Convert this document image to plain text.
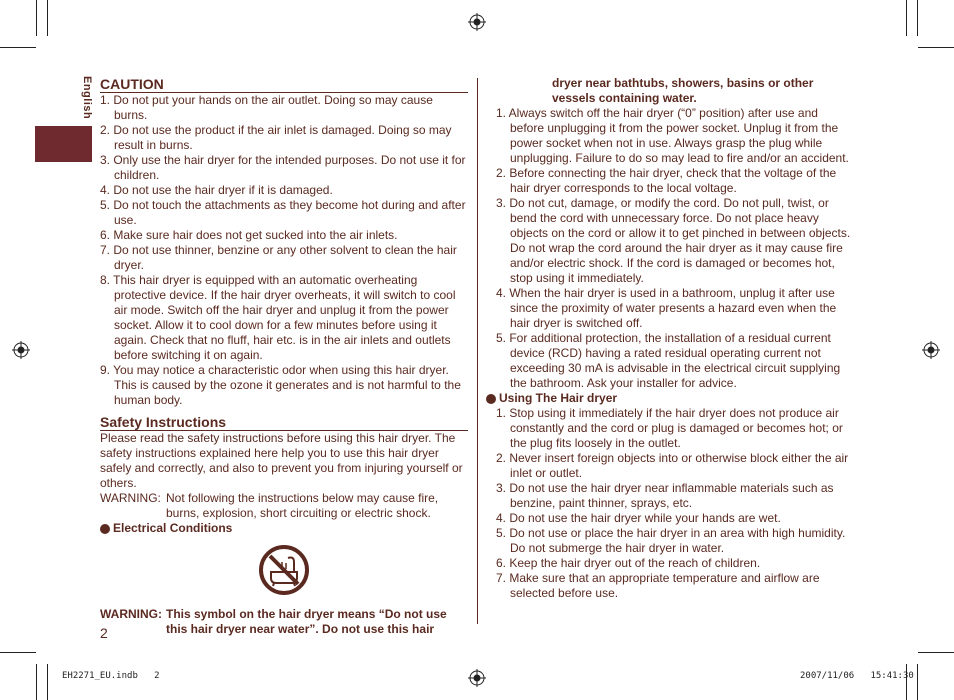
English CAUTION
1. Do not put your hands on the air outlet. Doing so may cause burns.
2. Do not use the product if the air inlet is damaged. Doing so may result in burns.
3. Only use the hair dryer for the intended purposes. Do not use it for children.
4. Do not use the hair dryer if it is damaged.
5. Do not touch the attachments as they become hot during and after use.
6. Make sure hair does not get sucked into the air inlets.
7. Do not use thinner, benzine or any other solvent to clean the hair dryer.
8. This hair dryer is equipped with an automatic overheating protective device. If the hair dryer overheats, it will switch to cool air mode. Switch off the hair dryer and unplug it from the power socket. Allow it to cool down for a few minutes before using it again. Check that no fluff, hair etc. is in the air inlets and outlets before switching it on again.
9. You may notice a characteristic odor when using this hair dryer. This is caused by the ozone it generates and is not harmful to the human body.
Safety Instructions
Please read the safety instructions before using this hair dryer. The safety instructions explained here help you to use this hair dryer safely and correctly, and also to prevent you from injuring yourself or others.
WARNING: Not following the instructions below may cause fire, burns, explosion, short circuiting or electric shock.
Electrical Conditions
WARNING: This symbol on the hair dryer means “Do not use this hair dryer near water”. Do not use this hair
dryer near bathtubs, showers, basins or other vessels containing water.
1. Always switch off the hair dryer (“0” position) after use and before unplugging it from the power socket. Unplug it from the power socket when not in use. Always grasp the plug while unplugging. Failure to do so may lead to fire and/or an accident.
2. Before connecting the hair dryer, check that the voltage of the hair dryer corresponds to the local voltage.
3. Do not cut, damage, or modify the cord. Do not pull, twist, or bend the cord with unnecessary force. Do not place heavy objects on the cord or allow it to get pinched in between objects. Do not wrap the cord around the hair dryer as it may cause fire and/or electric shock. If the cord is damaged or becomes hot, stop using it immediately.
4. When the hair dryer is used in a bathroom, unplug it after use since the proximity of water presents a hazard even when the hair dryer is switched off.
5. For additional protection, the installation of a residual current device (RCD) having a rated residual operating current not exceeding 30 mA is advisable in the electrical circuit supplying the bathroom. Ask your installer for advice.
Using The Hair dryer
1. Stop using it immediately if the hair dryer does not produce air constantly and the cord or plug is damaged or becomes hot; or the plug fits loosely in the outlet.
2. Never insert foreign objects into or otherwise block either the air inlet or outlet.
3. Do not use the hair dryer near inflammable materials such as benzine, paint thinner, sprays, etc.
4. Do not use the hair dryer while your hands are wet.
5. Do not use or place the hair dryer in an area with high humidity. Do not submerge the hair dryer in water.
6. Keep the hair dryer out of the reach of children.
7. Make sure that an appropriate temperature and airflow are selected before use.
2
EH2271_EU.indb   2	2007/11/06   15:41:30
